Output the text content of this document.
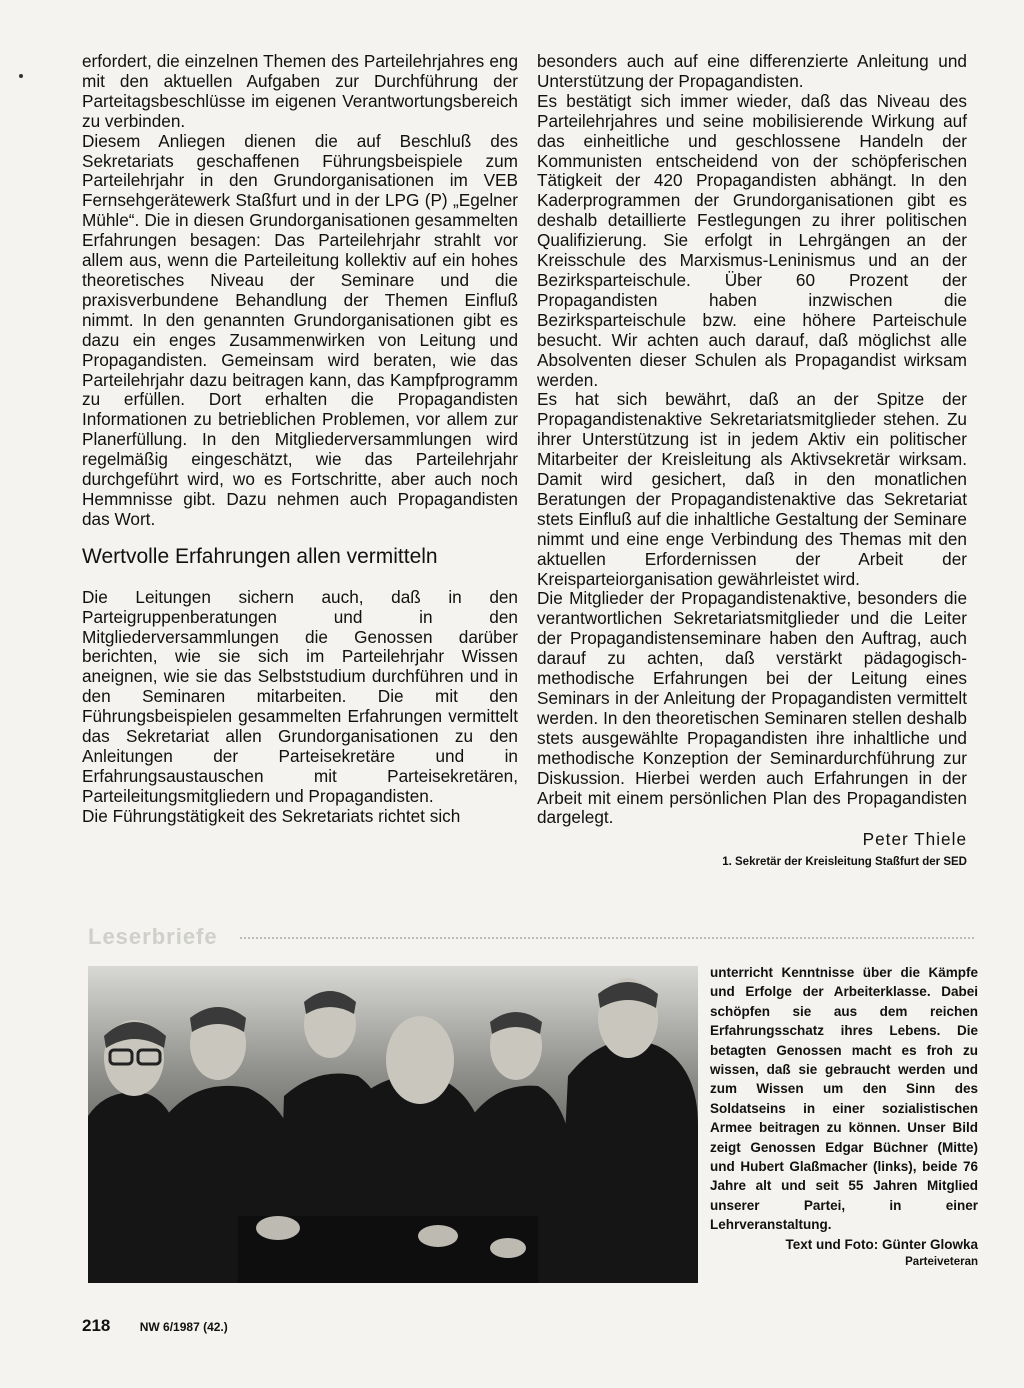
erfordert, die einzelnen Themen des Parteilehrjahres eng mit den aktuellen Aufgaben zur Durchführung der Parteitagsbeschlüsse im eigenen Verantwortungsbereich zu verbinden.

Diesem Anliegen dienen die auf Beschluß des Sekretariats geschaffenen Führungsbeispiele zum Parteilehrjahr in den Grundorganisationen im VEB Fernsehgerätewerk Staßfurt und in der LPG (P) „Egelner Mühle“. Die in diesen Grundorganisationen gesammelten Erfahrungen besagen: Das Parteilehrjahr strahlt vor allem aus, wenn die Parteileitung kollektiv auf ein hohes theoretisches Niveau der Seminare und die praxisverbundene Behandlung der Themen Einfluß nimmt. In den genannten Grundorganisationen gibt es dazu ein enges Zusammenwirken von Leitung und Propagandisten. Gemeinsam wird beraten, wie das Parteilehrjahr dazu beitragen kann, das Kampfprogramm zu erfüllen. Dort erhalten die Propagandisten Informationen zu betrieblichen Problemen, vor allem zur Planerfüllung. In den Mitgliederversammlungen wird regelmäßig eingeschätzt, wie das Parteilehrjahr durchgeführt wird, wo es Fortschritte, aber auch noch Hemmnisse gibt. Dazu nehmen auch Propagandisten das Wort.

Wertvolle Erfahrungen allen vermitteln

Die Leitungen sichern auch, daß in den Parteigruppenberatungen und in den Mitgliederversammlungen die Genossen darüber berichten, wie sie sich im Parteilehrjahr Wissen aneignen, wie sie das Selbststudium durchführen und in den Seminaren mitarbeiten. Die mit den Führungsbeispielen gesammelten Erfahrungen vermittelt das Sekretariat allen Grundorganisationen zu den Anleitungen der Parteisekretäre und in Erfahrungsaustauschen mit Parteisekretären, Parteileitungsmitgliedern und Propagandisten.

Die Führungstätigkeit des Sekretariats richtet sich

besonders auch auf eine differenzierte Anleitung und Unterstützung der Propagandisten.

Es bestätigt sich immer wieder, daß das Niveau des Parteilehrjahres und seine mobilisierende Wirkung auf das einheitliche und geschlossene Handeln der Kommunisten entscheidend von der schöpferischen Tätigkeit der 420 Propagandisten abhängt. In den Kaderprogrammen der Grundorganisationen gibt es deshalb detaillierte Festlegungen zu ihrer politischen Qualifizierung. Sie erfolgt in Lehrgängen an der Kreisschule des Marxismus-Leninismus und an der Bezirksparteischule. Über 60 Prozent der Propagandisten haben inzwischen die Bezirksparteischule bzw. eine höhere Parteischule besucht. Wir achten auch darauf, daß möglichst alle Absolventen dieser Schulen als Propagandist wirksam werden.

Es hat sich bewährt, daß an der Spitze der Propagandistenaktive Sekretariatsmitglieder stehen. Zu ihrer Unterstützung ist in jedem Aktiv ein politischer Mitarbeiter der Kreisleitung als Aktivsekretär wirksam. Damit wird gesichert, daß in den monatlichen Beratungen der Propagandistenaktive das Sekretariat stets Einfluß auf die inhaltliche Gestaltung der Seminare nimmt und eine enge Verbindung des Themas mit den aktuellen Erfordernissen der Arbeit der Kreisparteiorganisation gewährleistet wird.

Die Mitglieder der Propagandistenaktive, besonders die verantwortlichen Sekretariatsmitglieder und die Leiter der Propagandistenseminare haben den Auftrag, auch darauf zu achten, daß verstärkt pädagogisch-methodische Erfahrungen bei der Leitung eines Seminars in der Anleitung der Propagandisten vermittelt werden. In den theoretischen Seminaren stellen deshalb stets ausgewählte Propagandisten ihre inhaltliche und methodische Konzeption der Seminardurchführung zur Diskussion. Hierbei werden auch Erfahrungen in der Arbeit mit einem persönlichen Plan des Propagandisten dargelegt.

Peter Thiele
1. Sekretär der Kreisleitung Staßfurt der SED
Leserbriefe
unterricht Kenntnisse über die Kämpfe und Erfolge der Arbeiterklasse. Dabei schöpfen sie aus dem reichen Erfahrungsschatz ihres Lebens. Die betagten Genossen macht es froh zu wissen, daß sie gebraucht werden und zum Wissen um den Sinn des Soldatseins in einer sozialistischen Armee beitragen zu können. Unser Bild zeigt Genossen Edgar Büchner (Mitte) und Hubert Glaßmacher (links), beide 76 Jahre alt und seit 55 Jahren Mitglied unserer Partei, in einer Lehrveranstaltung.
Text und Foto: Günter Glowka
Parteiveteran
218 NW 6/1987 (42.)
